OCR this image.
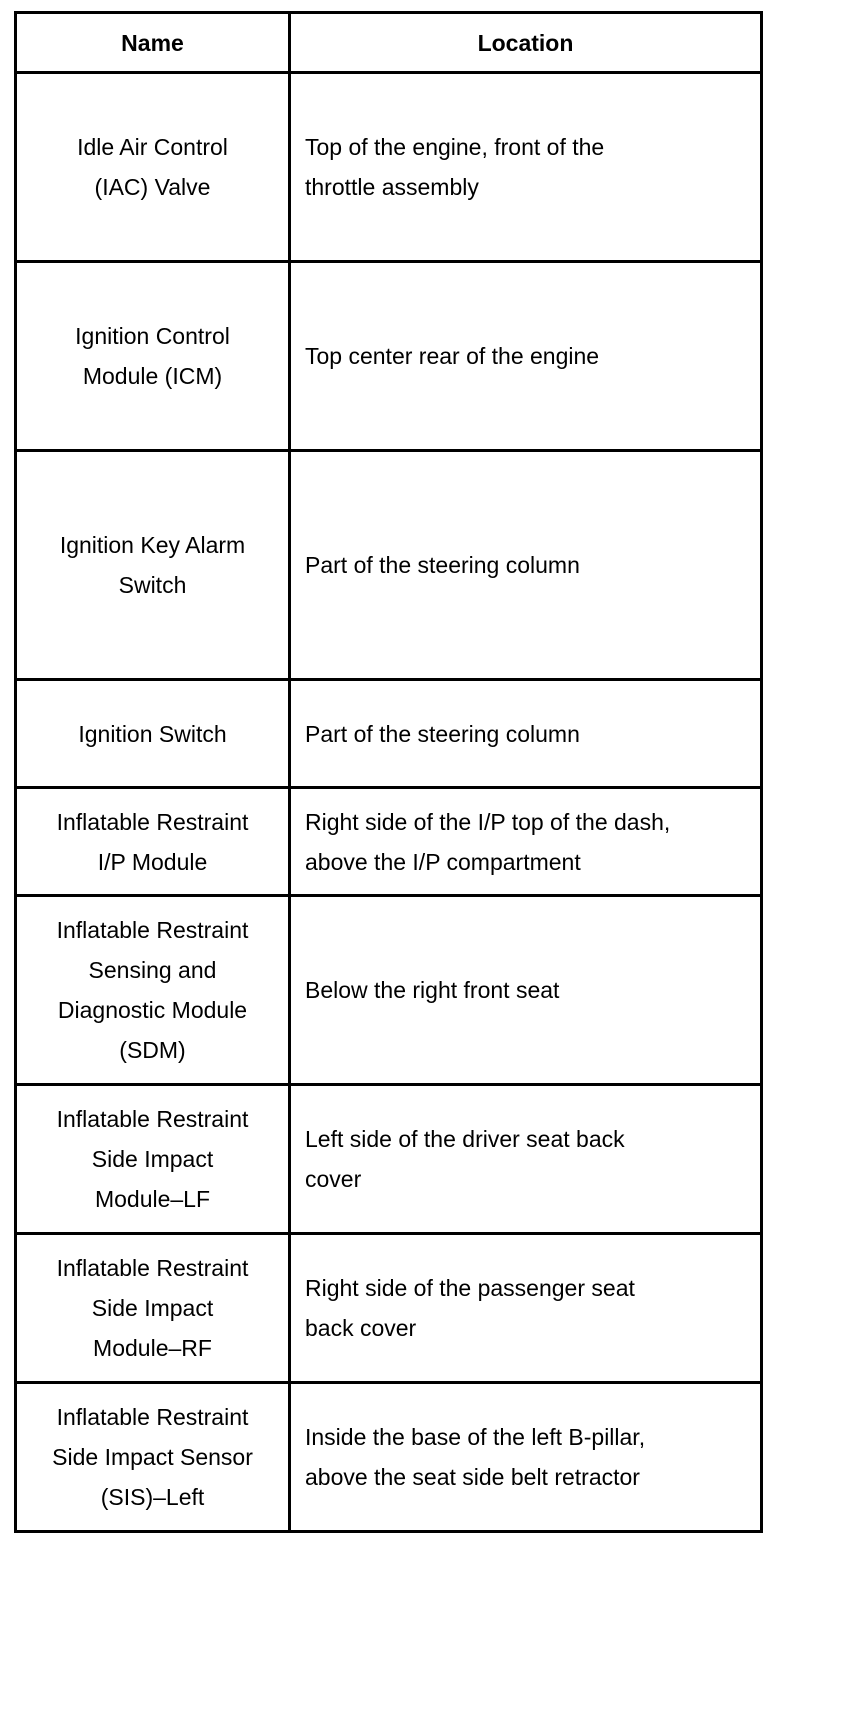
Name	Location

Idle Air Control
(IAC) Valve	Top of the engine, front of the
throttle assembly

Ignition Control
Module (ICM)	Top center rear of the engine

Ignition Key Alarm
Switch	Part of the steering column

Ignition Switch	Part of the steering column

Inflatable Restraint
I/P Module	Right side of the I/P top of the dash,
above the I/P compartment

Inflatable Restraint
Sensing and
Diagnostic Module
(SDM)	Below the right front seat

Inflatable Restraint
Side Impact
Module–LF	Left side of the driver seat back
cover

Inflatable Restraint
Side Impact
Module–RF	Right side of the passenger seat
back cover

Inflatable Restraint
Side Impact Sensor
(SIS)–Left	Inside the base of the left B-pillar,
above the seat side belt retractor
